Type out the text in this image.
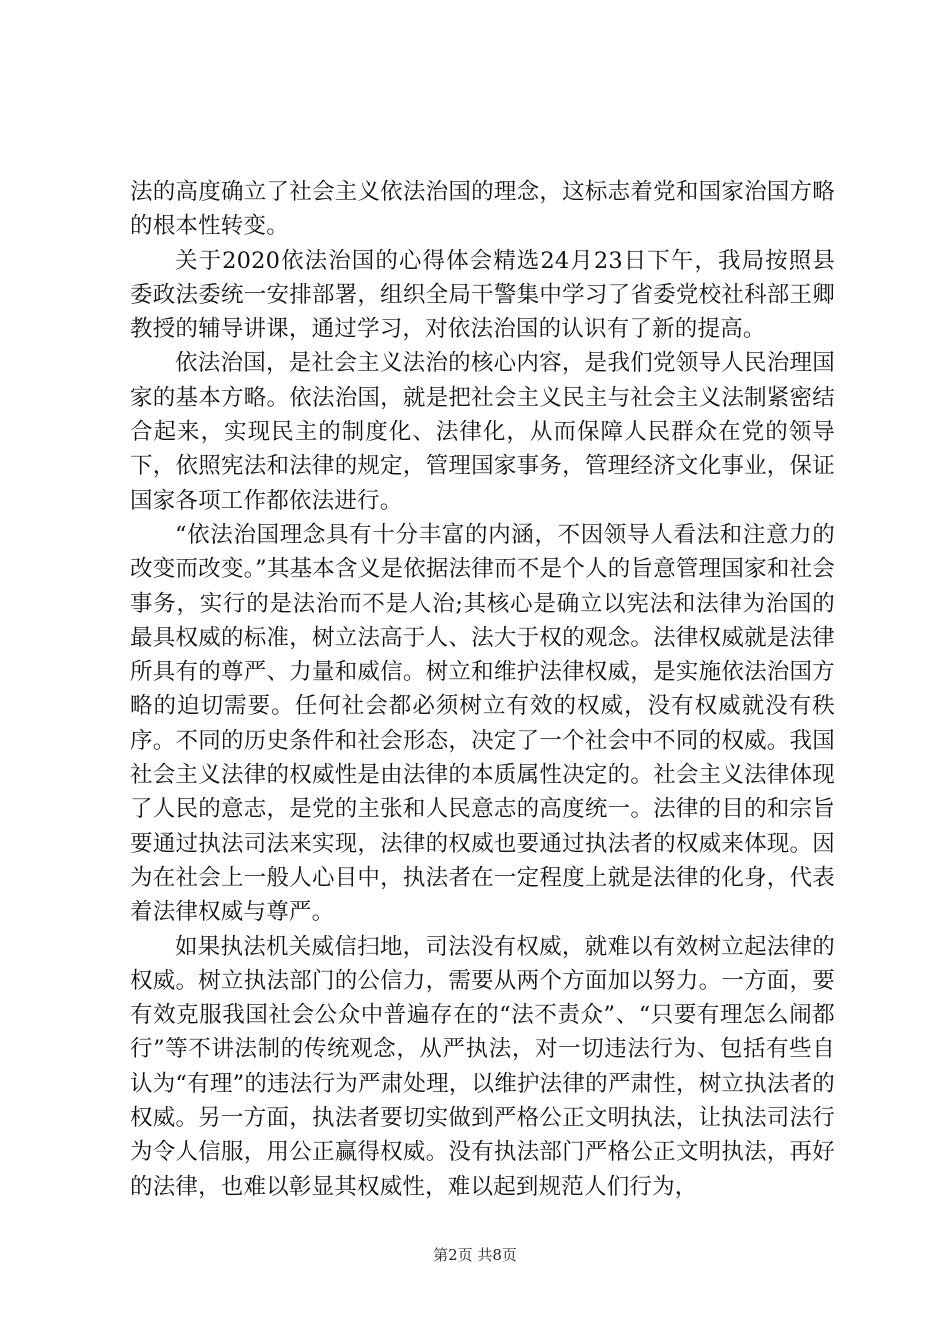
法的高度确立了社会主义依法治国的理念，这标志着党和国家治国方略的根本性转变。

关于2020依法治国的心得体会精选24月23日下午，我局按照县委政法委统一安排部署，组织全局干警集中学习了省委党校社科部王卿教授的辅导讲课，通过学习，对依法治国的认识有了新的提高。

依法治国，是社会主义法治的核心内容，是我们党领导人民治理国家的基本方略。依法治国，就是把社会主义民主与社会主义法制紧密结合起来，实现民主的制度化、法律化，从而保障人民群众在党的领导下，依照宪法和法律的规定，管理国家事务，管理经济文化事业，保证国家各项工作都依法进行。

“依法治国理念具有十分丰富的内涵，不因领导人看法和注意力的改变而改变。”其基本含义是依据法律而不是个人的旨意管理国家和社会事务，实行的是法治而不是人治;其核心是确立以宪法和法律为治国的最具权威的标准，树立法高于人、法大于权的观念。法律权威就是法律所具有的尊严、力量和威信。树立和维护法律权威，是实施依法治国方略的迫切需要。任何社会都必须树立有效的权威，没有权威就没有秩序。不同的历史条件和社会形态，决定了一个社会中不同的权威。我国社会主义法律的权威性是由法律的本质属性决定的。社会主义法律体现了人民的意志，是党的主张和人民意志的高度统一。法律的目的和宗旨要通过执法司法来实现，法律的权威也要通过执法者的权威来体现。因为在社会上一般人心目中，执法者在一定程度上就是法律的化身，代表着法律权威与尊严。

如果执法机关威信扫地，司法没有权威，就难以有效树立起法律的权威。树立执法部门的公信力，需要从两个方面加以努力。一方面，要有效克服我国社会公众中普遍存在的“法不责众”、“只要有理怎么闹都行”等不讲法制的传统观念，从严执法，对一切违法行为、包括有些自认为“有理”的违法行为严肃处理，以维护法律的严肃性，树立执法者的权威。另一方面，执法者要切实做到严格公正文明执法，让执法司法行为令人信服，用公正赢得权威。没有执法部门严格公正文明执法，再好的法律，也难以彰显其权威性，难以起到规范人们行为，

第2页 共8页
